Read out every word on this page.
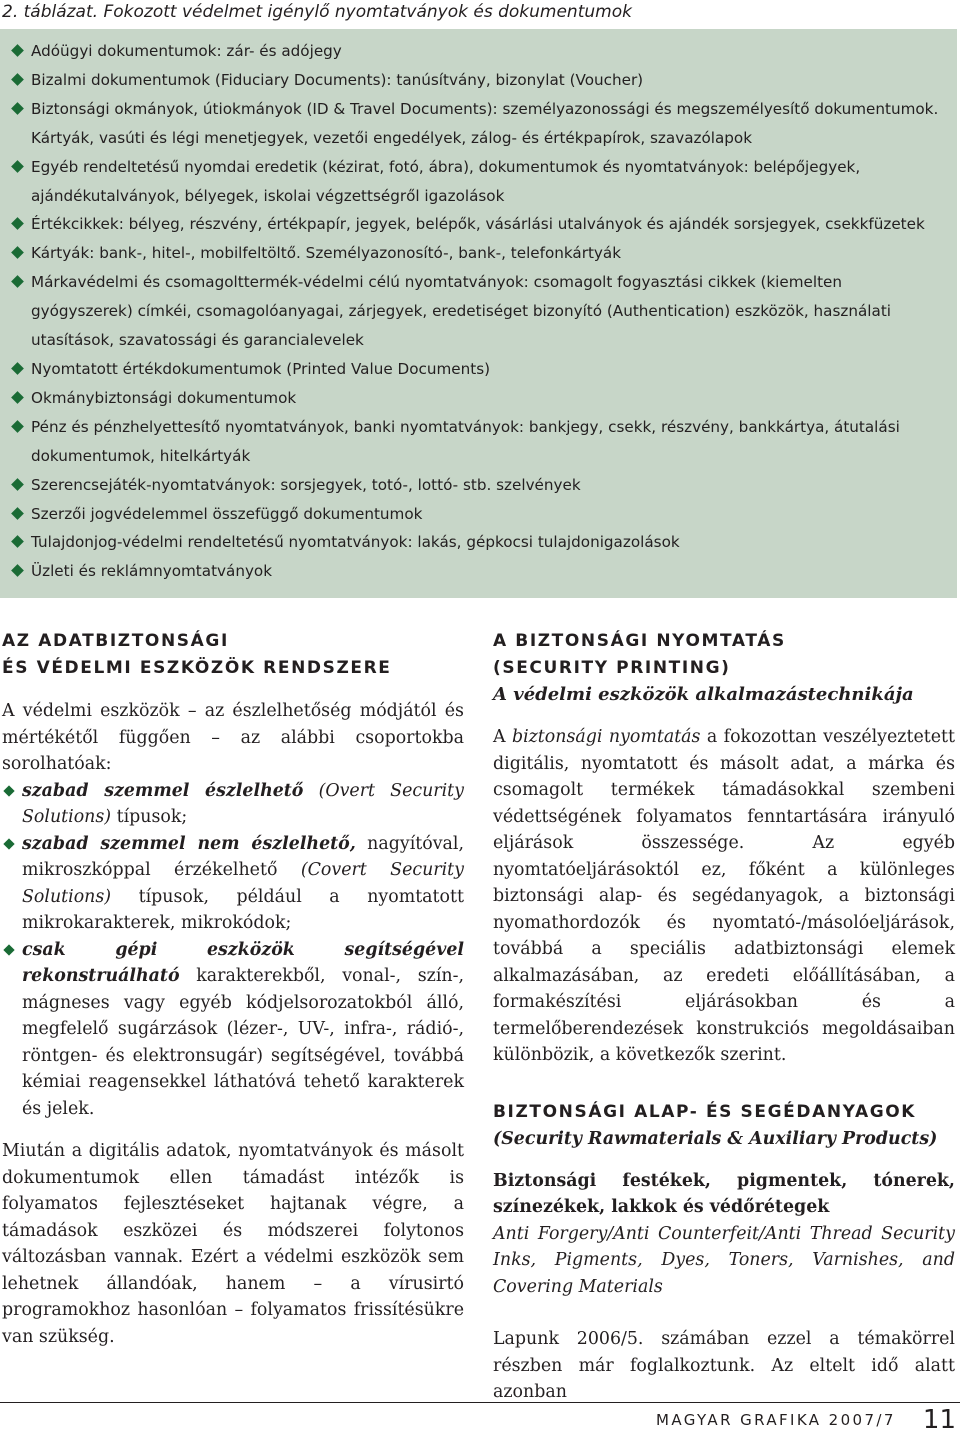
2. táblázat. Fokozott védelmet igénylő nyomtatványok és dokumentumok
Adóügyi dokumentumok: zár- és adójegy
Bizalmi dokumentumok (Fiduciary Documents): tanúsítvány, bizonylat (Voucher)
Biztonsági okmányok, útiokmányok (ID & Travel Documents): személyazonossági és megszemélyesítő dokumentumok. Kártyák, vasúti és légi menetjegyek, vezetői engedélyek, zálog- és értékpapírok, szavazólapok
Egyéb rendeltetésű nyomdai eredetik (kézirat, fotó, ábra), dokumentumok és nyomtatványok: belépőjegyek, ajándékutalványok, bélyegek, iskolai végzettségről igazolások
Értékcikkek: bélyeg, részvény, értékpapír, jegyek, belépők, vásárlási utalványok és ajándék sorsjegyek, csekkfüzetek
Kártyák: bank-, hitel-, mobilfeltöltő. Személyazonosító-, bank-, telefonkártyák
Márkavédelmi és csomagolttermék-védelmi célú nyomtatványok: csomagolt fogyasztási cikkek (kiemelten gyógyszerek) címkéi, csomagolóanyagai, zárjegyek, eredetiséget bizonyító (Authentication) eszközök, használati utasítások, szavatossági és garancialevelek
Nyomtatott értékdokumentumok (Printed Value Documents)
Okmánybiztonsági dokumentumok
Pénz és pénzhelyettesítő nyomtatványok, banki nyomtatványok: bankjegy, csekk, részvény, bankkártya, átutalási dokumentumok, hitelkártyák
Szerencsejáték-nyomtatványok: sorsjegyek, totó-, lottó- stb. szelvények
Szerzői jogvédelemmel összefüggő dokumentumok
Tulajdonjog-védelmi rendeltetésű nyomtatványok: lakás, gépkocsi tulajdonigazolások
Üzleti és reklámnyomtatványok
AZ ADATBIZTONSÁGI
ÉS VÉDELMI ESZKÖZÖK RENDSZERE

A védelmi eszközök – az észlelhetőség módjától és mértékétől függően – az alábbi csoportokba sorolhatóak:

szabad szemmel észlelhető (Overt Security Solutions) típusok;
szabad szemmel nem észlelhető, nagyítóval, mikroszkóppal érzékelhető (Covert Security Solutions) típusok, például a nyomtatott mikrokarakterek, mikrokódok;
csak gépi eszközök segítségével rekonstruálható karakterekből, vonal-, szín-, mágneses vagy egyéb kódjelsorozatokból álló, megfelelő sugárzások (lézer-, UV-, infra-, rádió-, röntgen- és elektronsugár) segítségével, továbbá kémiai reagensekkel láthatóvá tehető karakterek és jelek.

Miután a digitális adatok, nyomtatványok és másolt dokumentumok ellen támadást intézők is folyamatos fejlesztéseket hajtanak végre, a támadások eszközei és módszerei folytonos változásban vannak. Ezért a védelmi eszközök sem lehetnek állandóak, hanem – a vírusirtó programokhoz hasonlóan – folyamatos frissítésükre van szükség.

A BIZTONSÁGI NYOMTATÁS
(SECURITY PRINTING)

A védelmi eszközök alkalmazástechnikája

A biztonsági nyomtatás a fokozottan veszélyeztetett digitális, nyomtatott és másolt adat, a márka és csomagolt termékek támadásokkal szembeni védettségének folyamatos fenntartására irányuló eljárások összessége. Az egyéb nyomtatóeljárásoktól ez, főként a különleges biztonsági alap- és segédanyagok, a biztonsági nyomathordozók és nyomtató-/másolóeljárások, továbbá a speciális adatbiztonsági elemek alkalmazásában, az eredeti előállításában, a formakészítési eljárásokban és a termelőberendezések konstrukciós megoldásaiban különbözik, a következők szerint.

BIZTONSÁGI ALAP- ÉS SEGÉDANYAGOK

(Security Rawmaterials & Auxiliary Products)

Biztonsági festékek, pigmentek, tónerek, színezékek, lakkok és védőrétegek

Anti Forgery/Anti Counterfeit/Anti Thread Security Inks, Pigments, Dyes, Toners, Varnishes, and Covering Materials

Lapunk 2006/5. számában ezzel a témakörrel részben már foglalkoztunk. Az eltelt idő alatt azonban

MAGYAR GRAFIKA 2007/7 11
